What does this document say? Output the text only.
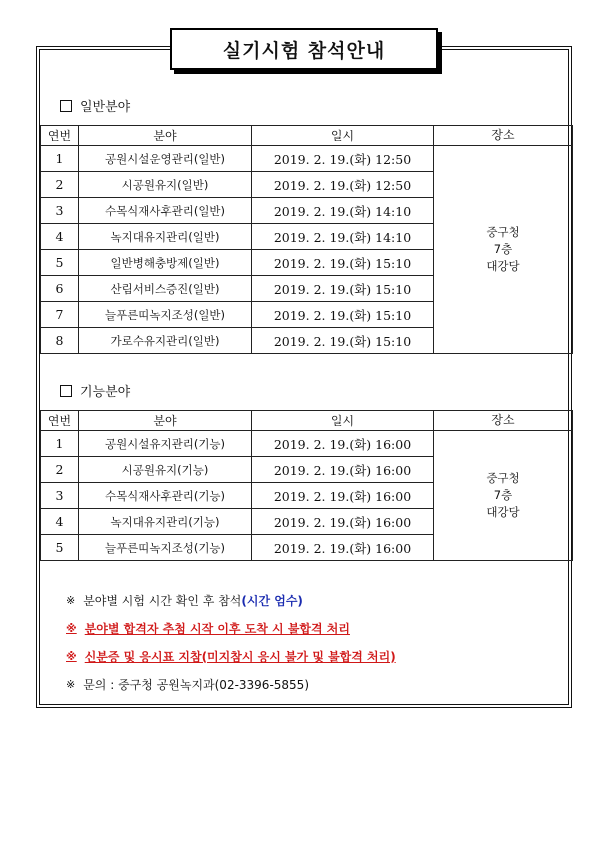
실기시험 참석안내
일반분야
연번	분야	일시	장소
1	공원시설운영관리(일반)	2019. 2. 19.(화) 12:50	중구청
7층
대강당

2	시공원유지(일반)	2019. 2. 19.(화) 12:50	
3	수목식재사후관리(일반)	2019. 2. 19.(화) 14:10	
4	녹지대유지관리(일반)	2019. 2. 19.(화) 14:10	
5	일반병해충방제(일반)	2019. 2. 19.(화) 15:10	
6	산림서비스증진(일반)	2019. 2. 19.(화) 15:10	
7	늘푸른띠녹지조성(일반)	2019. 2. 19.(화) 15:10	
8	가로수유지관리(일반)	2019. 2. 19.(화) 15:10	
기능분야
연번	분야	일시	장소
1	공원시설유지관리(기능)	2019. 2. 19.(화) 16:00	중구청
7층
대강당

2	시공원유지(기능)	2019. 2. 19.(화) 16:00	
3	수목식재사후관리(기능)	2019. 2. 19.(화) 16:00	
4	녹지대유지관리(기능)	2019. 2. 19.(화) 16:00	
5	늘푸른띠녹지조성(기능)	2019. 2. 19.(화) 16:00	
※ 분야별 시험 시간 확인 후 참석 (시간 엄수)
※ 분야별 합격자 추첨 시작 이후 도착 시 불합격 처리
※ 신분증 및 응시표 지참(미지참시 응시 불가 및 불합격 처리)
※ 문의 : 중구청 공원녹지과(02-3396-5855)
